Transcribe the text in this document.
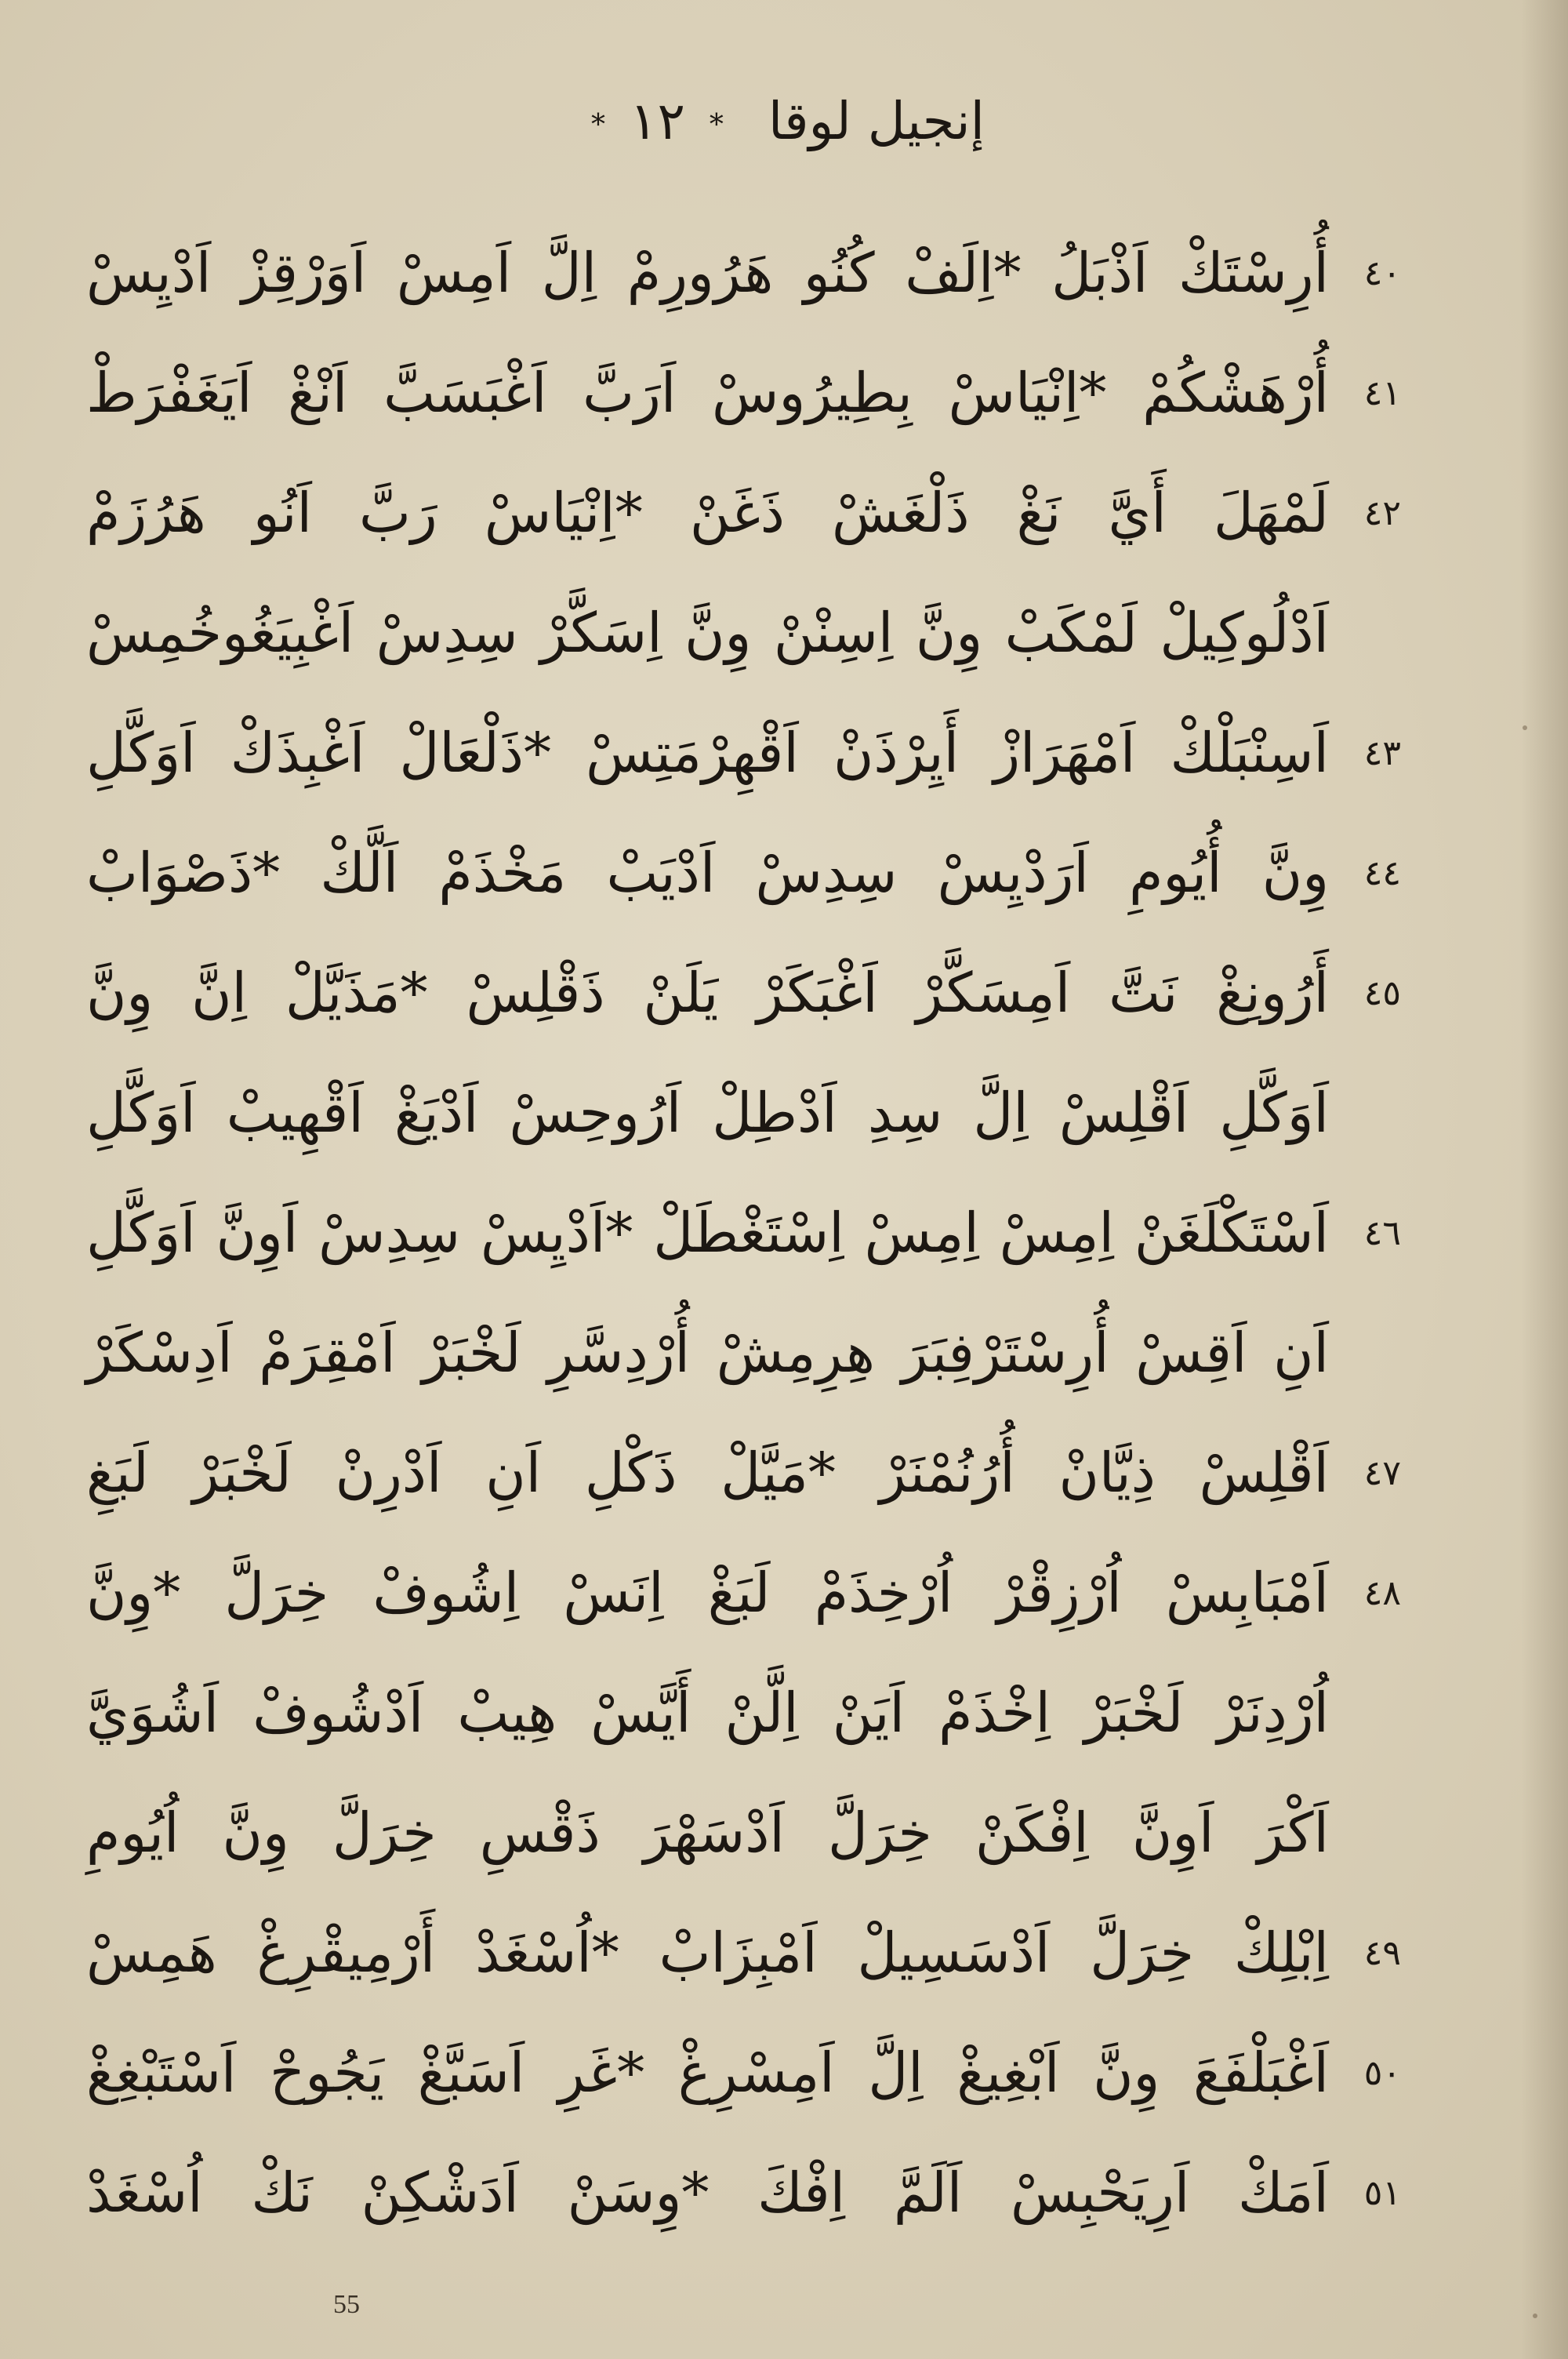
إنجيل لوقا * ١٢ *
٤٠
أُرِسْتَكْ اَذْبَلُ *اِلَفْ كُنُو هَرُورِمْ اِلَّ اَمِسْ اَوَرْقِزْ اَدْيِسْ
٤١
أُرْهَشْكُمْ *اِنْيَاسْ بِطِيرُوسْ اَرَبَّ اَغْبَسَبَّ اَنْغْ اَيَغَفْرَطْ
٤٢
لَمْهَلَ أَيَّ نَغْ ذَلْغَشْ ذَغَنْ *اِنْيَاسْ رَبَّ اَنُو هَرُزَمْ
اَدْلُوكِيلْ لَمْكَبْ وِنَّ اِسِنْنْ وِنَّ اِسَكَّرْ سِدِسْ اَغْبِيَغُوخُمِسْ
٤٣
اَسِنْبَلْكْ اَمْهَرَازْ أَيِرْذَنْ اَقْهِرْمَتِسْ *ذَلْعَالْ اَغْبِذَكْ اَوَكَّلِ
٤٤
وِنَّ أُيُومِ اَرَدْيِسْ سِدِسْ اَدْيَبْ مَخْذَمْ اَلَّكْ *ذَصْوَابْ
٤٥
أَرُونِغْ نَتَّ اَمِسَكَّرْ اَغْبَكَرْ يَلَنْ ذَقْلِسْ *مَذَيَّلْ اِنَّ وِنَّ
اَوَكَّلِ اَقْلِسْ اِلَّ سِدِ اَدْطِلْ اَرُوحِسْ اَدْيَغْ اَقْهِيبْ اَوَكَّلِ
٤٦
اَسْتَكْلَغَنْ اِمِسْ اِمِسْ اِسْتَغْطَلْ *اَدْيِسْ سِدِسْ اَوِنَّ اَوَكَّلِ
اَنِ اَقِسْ أُرِسْتَرْفِبَرَ هِرِمِشْ أُرْدِسَّرِ لَخْبَرْ اَمْقِرَمْ اَدِسْكَرْ
٤٧
اَقْلِسْ ذِيَّانْ أُرُنُمْنَرْ *مَيَّلْ ذَكْلِ اَنِ اَدْرِنْ لَخْبَرْ لَبَغِ
٤٨
اَمْبَابِسْ اُرْزِقْرْ اُرْخِذَمْ لَبَغْ اِنَسْ اِشُوفْ خِرَلَّ *وِنَّ
اُرْدِنَرْ لَخْبَرْ اِخْذَمْ اَيَنْ اِلَّنْ أَيَّسْ هِيبْ اَدْشُوفْ اَشُوَيَّ
اَكْرَ اَوِنَّ اِفْكَنْ خِرَلَّ اَدْسَهْرَ ذَقْسِ خِرَلَّ وِنَّ اُيُومِ
٤٩
اِبْلِكْ خِرَلَّ اَدْسَسِيلْ اَمْبِزَابْ *اُسْغَدْ أَرْمِيقْرِغْ هَمِسْ
٥٠
اَغْبَلْفَعَ وِنَّ اَبْغِيغْ اِلَّ اَمِسْرِغْ *غَرِ اَسَبَّغْ يَجُوحْ اَسْتَبْغِغْ
٥١
اَمَكْ اَرِيَحْبِسْ اَلَمَّ اِفْكَ *وِسَنْ اَدَشْكِنْ نَكْ اُسْغَدْ
55
